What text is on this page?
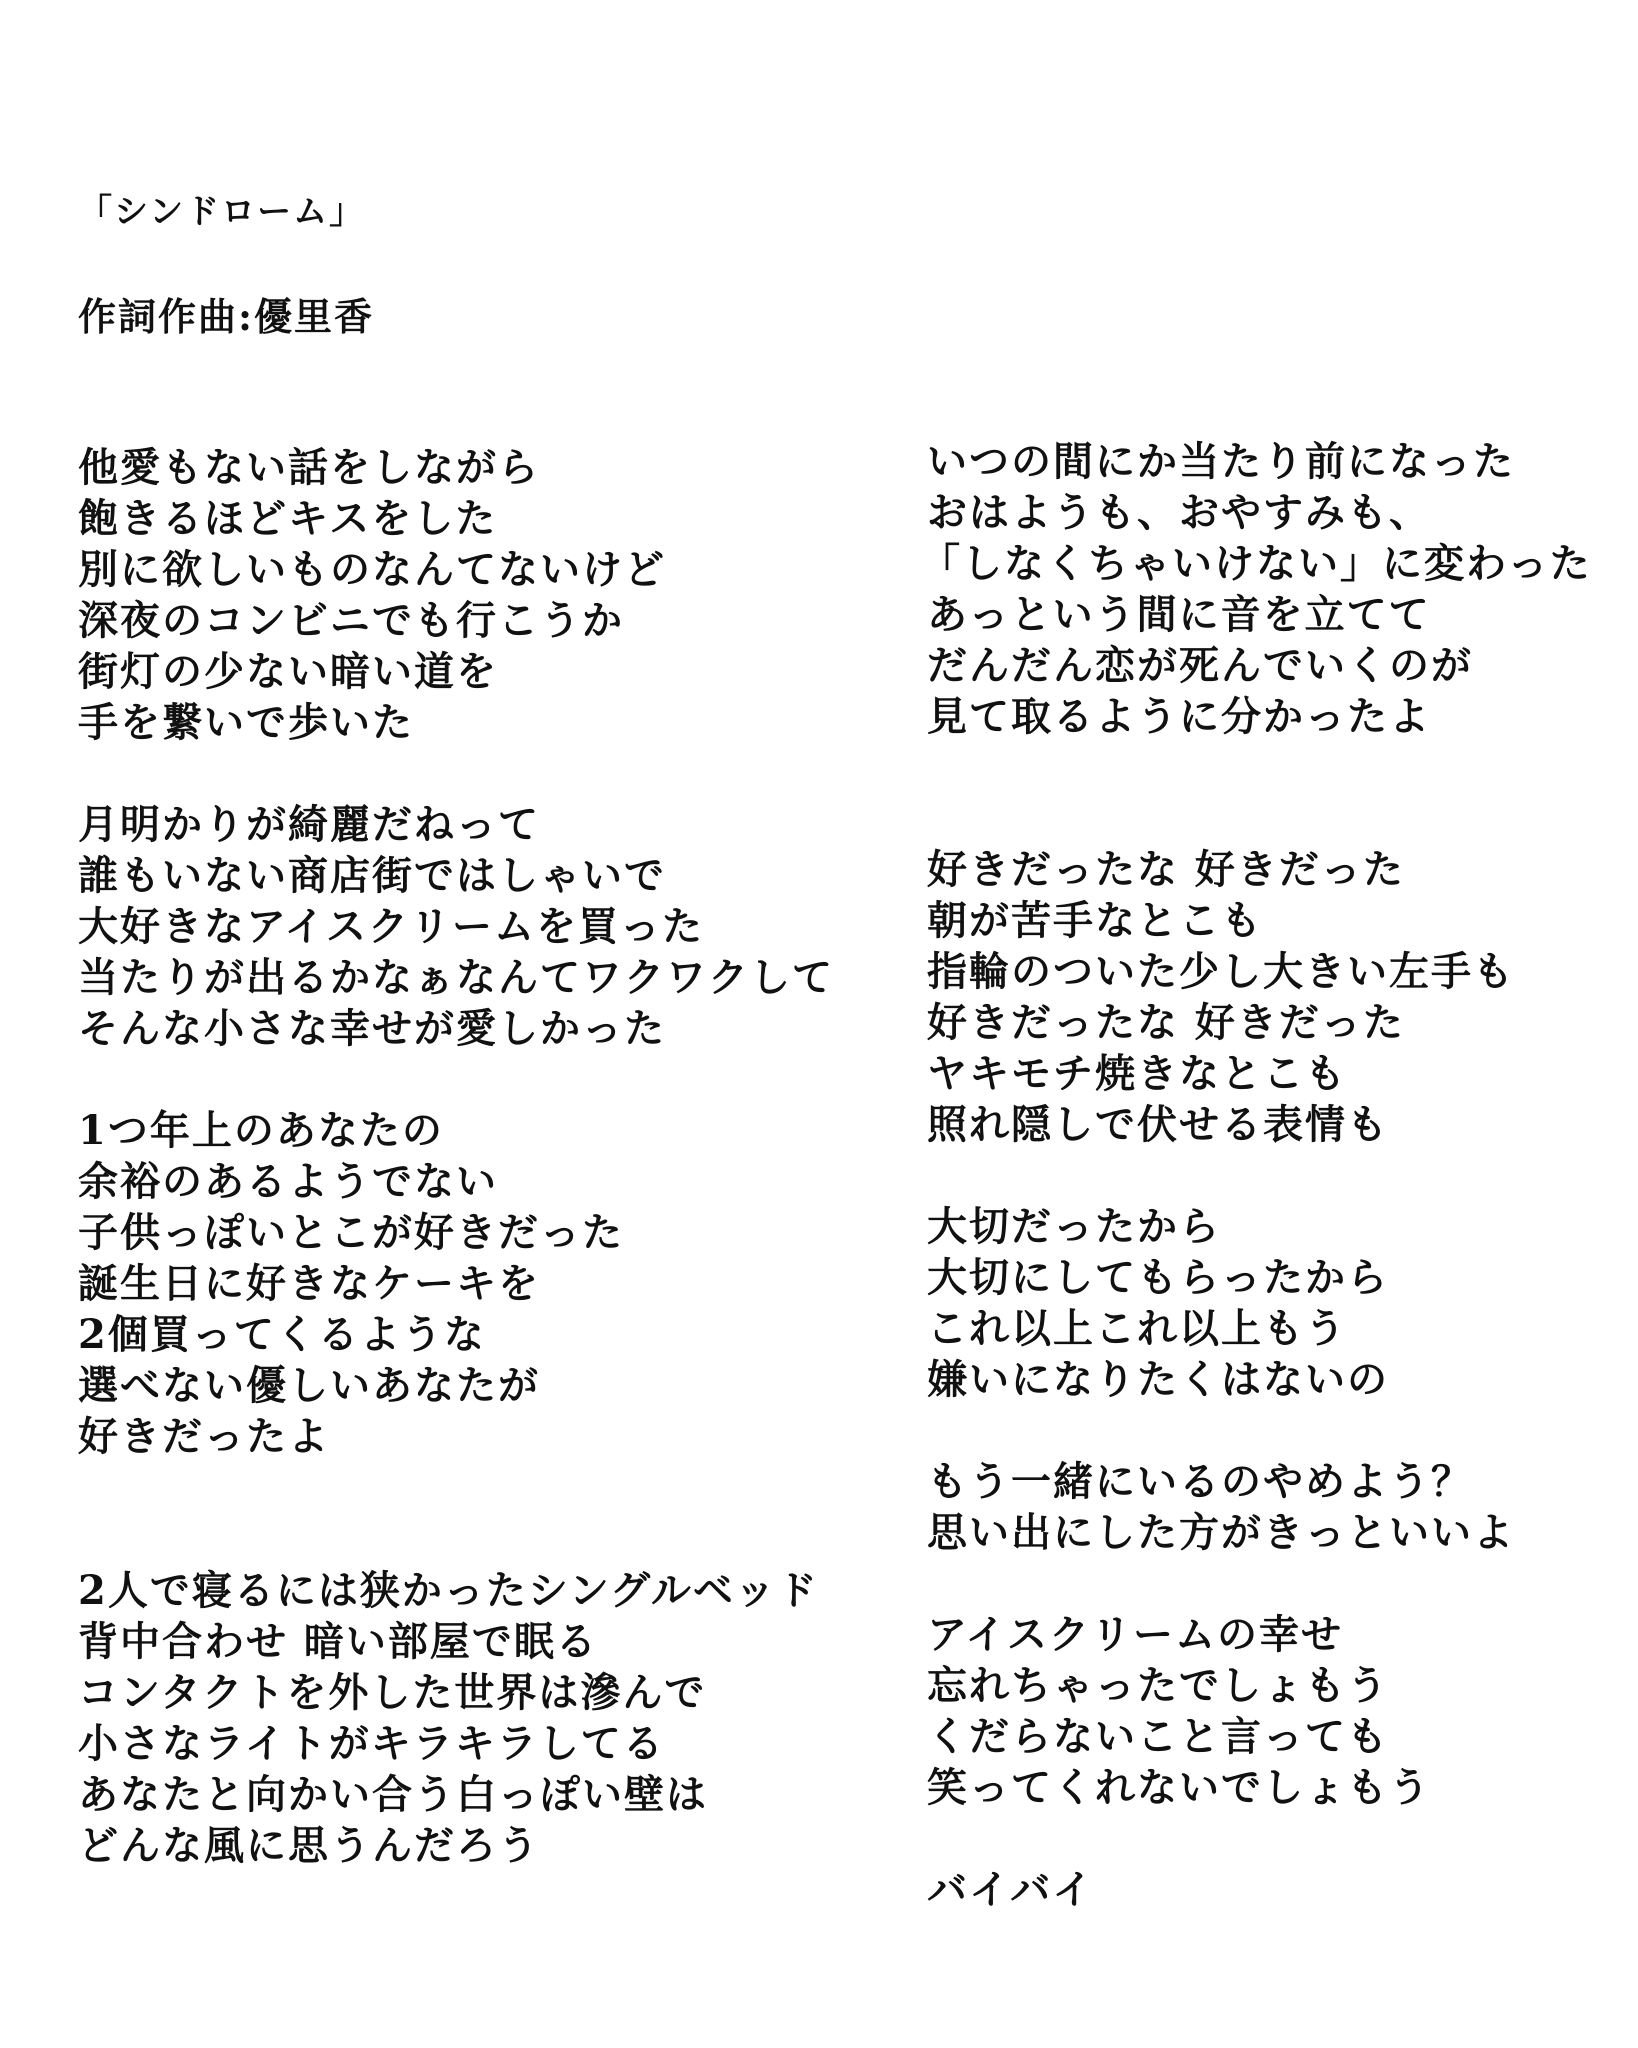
「シンドローム」

作詞作曲:優里香

他愛もない話をしながら

飽きるほどキスをした

別に欲しいものなんてないけど

深夜のコンビニでも行こうか

街灯の少ない暗い道を

手を繋いで歩いた

月明かりが綺麗だねって

誰もいない商店街ではしゃいで

大好きなアイスクリームを買った

当たりが出るかなぁなんてワクワクして

そんな小さな幸せが愛しかった

1つ年上のあなたの

余裕のあるようでない

子供っぽいとこが好きだった

誕生日に好きなケーキを

2個買ってくるような

選べない優しいあなたが

好きだったよ

2人で寝るには狭かったシングルベッド

背中合わせ 暗い部屋で眠る

コンタクトを外した世界は滲んで

小さなライトがキラキラしてる

あなたと向かい合う白っぽい壁は

どんな風に思うんだろう

いつの間にか当たり前になった

おはようも、おやすみも、

「しなくちゃいけない」に変わった

あっという間に音を立てて

だんだん恋が死んでいくのが

見て取るように分かったよ

好きだったな 好きだった

朝が苦手なとこも

指輪のついた少し大きい左手も

好きだったな 好きだった

ヤキモチ焼きなとこも

照れ隠しで伏せる表情も

大切だったから

大切にしてもらったから

これ以上これ以上もう

嫌いになりたくはないの

もう一緒にいるのやめよう？

思い出にした方がきっといいよ

アイスクリームの幸せ

忘れちゃったでしょもう

くだらないこと言っても

笑ってくれないでしょもう

バイバイ
